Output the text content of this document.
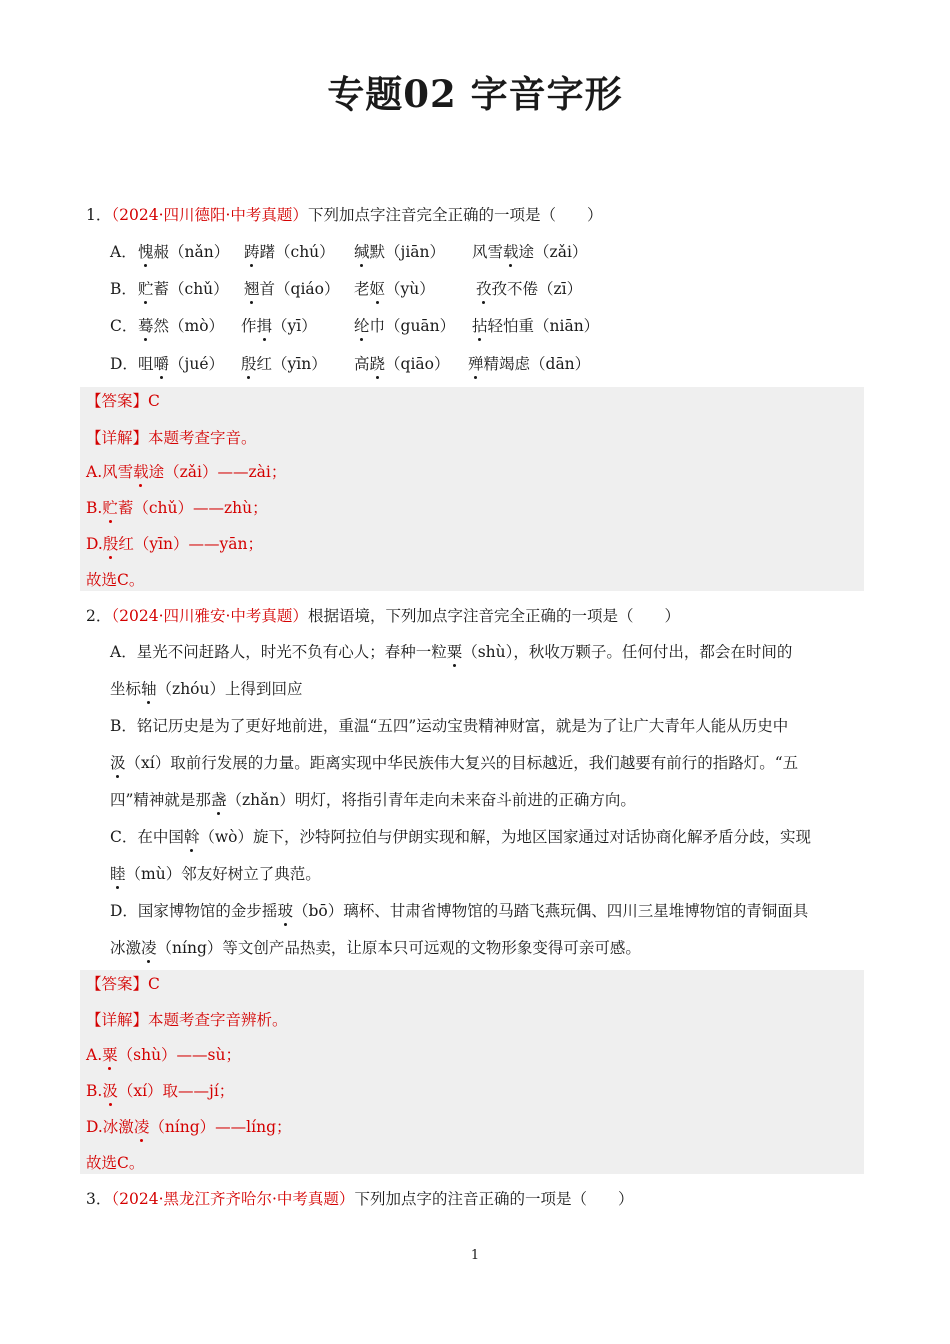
专题02 字音字形
1．（2024·四川德阳·中考真题）下列加点字注音完全正确的一项是（　　）
A． 愧赧（nǎn） 踌躇（chú） 缄默（jiān） 风雪载途（zǎi）
B． 贮蓄（chǔ） 翘首（qiáo） 老妪（yù）	孜孜不倦（zī）
C． 蓦然（mò） 作揖（yī） 纶巾（guān） 拈轻怕重（niān）
D． 咀嚼（jué） 殷红（yīn） 高跷（qiāo） 殚精竭虑（dān）
【答案】C
【详解】本题考查字音。
A.风雪载途（zǎi）——zài；
B.贮蓄（chǔ）——zhù；
D.殷红（yīn）——yān；
故选C。
2．（2024·四川雅安·中考真题）根据语境，下列加点字注音完全正确的一项是（　　）
A．星光不问赶路人，时光不负有心人；春种一粒粟（shù），秋收万颗子。任何付出，都会在时间的
坐标轴（zhóu）上得到回应
B．铭记历史是为了更好地前进，重温“五四”运动宝贵精神财富，就是为了让广大青年人能从历史中
汲（xí）取前行发展的力量。距离实现中华民族伟大复兴的目标越近，我们越要有前行的指路灯。“五
四”精神就是那盏（zhǎn）明灯，将指引青年走向未来奋斗前进的正确方向。
C．在中国斡（wò）旋下，沙特阿拉伯与伊朗实现和解，为地区国家通过对话协商化解矛盾分歧，实现
睦（mù）邻友好树立了典范。
D．国家博物馆的金步摇玻（bō）璃杯、甘肃省博物馆的马踏飞燕玩偶、四川三星堆博物馆的青铜面具
冰激凌（níng）等文创产品热卖，让原本只可远观的文物形象变得可亲可感。
【答案】C
【详解】本题考查字音辨析。
A.粟（shù）——sù；
B.汲（xí）取——jí；
D.冰激凌（níng）——líng；
故选C。
3．（2024·黑龙江齐齐哈尔·中考真题）下列加点字的注音正确的一项是（　　）
1
